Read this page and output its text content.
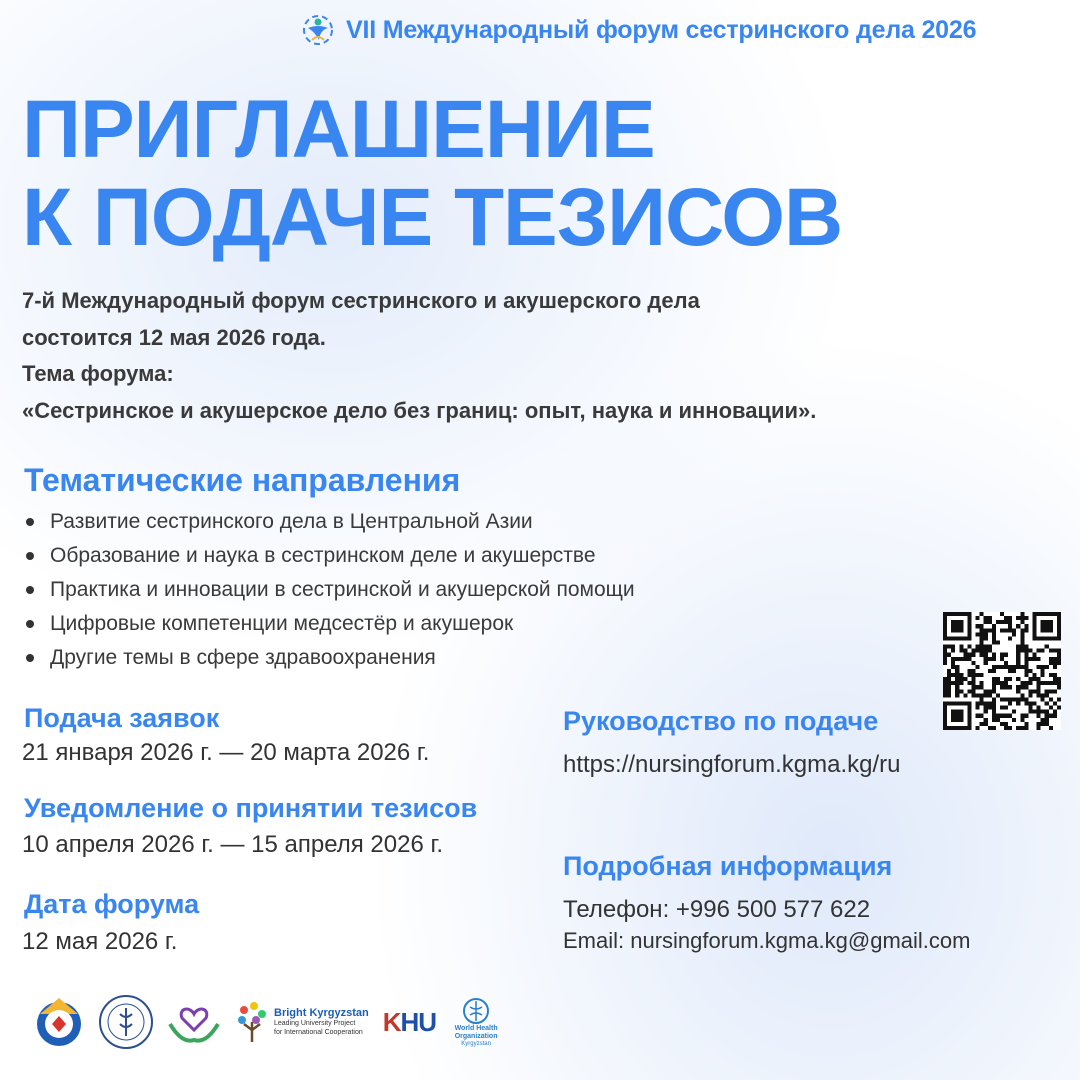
VII Международный форум сестринского дела 2026
ПРИГЛАШЕНИЕ
К ПОДАЧЕ ТЕЗИСОВ
7-й Международный форум сестринского и акушерского дела
состоится 12 мая 2026 года.
Тема форума:
«Сестринское и акушерское дело без границ: опыт, наука и инновации».
Тематические направления
Развитие сестринского дела в Центральной Азии
Образование и наука в сестринском деле и акушерстве
Практика и инновации в сестринской и акушерской помощи
Цифровые компетенции медсестёр и акушерок
Другие темы в сфере здравоохранения
Подача заявок
21 января 2026 г. — 20 марта 2026 г.
Уведомление о принятии тезисов
10 апреля 2026 г. — 15 апреля 2026 г.
Дата форума
12 мая 2026 г.
Руководство по подаче
https://nursingforum.kgma.kg/ru
Подробная информация
Телефон: +996 500 577 622
Email: nursingforum.kgma.kg@gmail.com
Bright Kyrgyzstan
Leading University Project
for International Cooperation KHU	World Health Organization
Kyrgyzstan
